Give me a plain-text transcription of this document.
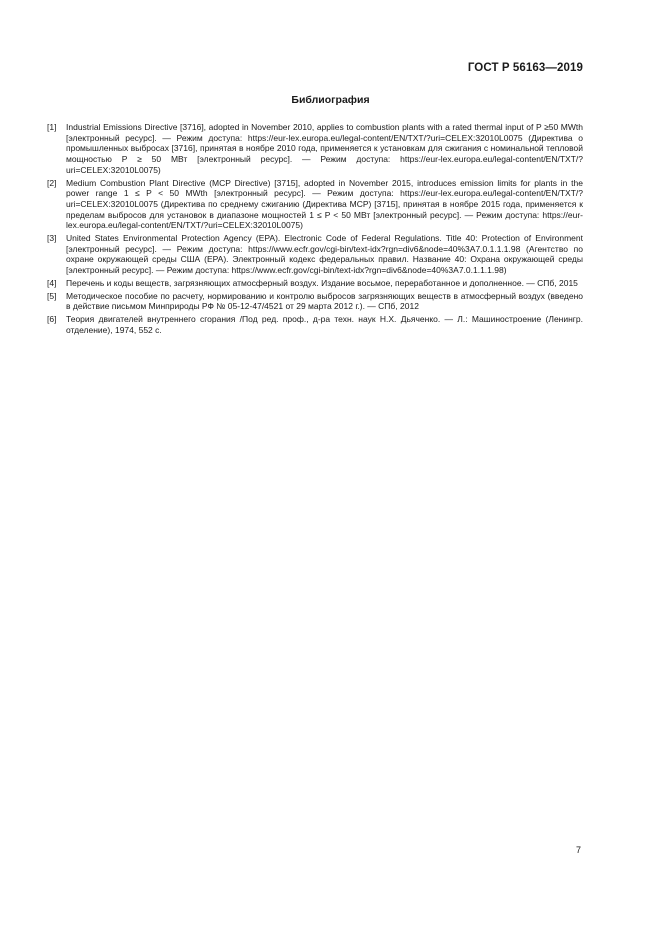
ГОСТ Р 56163—2019
Библиография
[1]	Industrial Emissions Directive [3716], adopted in November 2010, applies to combustion plants with a rated thermal input of P ≥50 MWth [электронный ресурс]. — Режим доступа: https://eur-lex.europa.eu/legal-content/EN/TXT/?uri=CELEX:32010L0075 (Директива о промышленных выбросах [3716], принятая в ноябре 2010 года, применяется к установкам для сжигания с номинальной тепловой мощностью P ≥ 50 МВт [электронный ресурс]. — Режим доступа: https://eur-lex.europa.eu/legal-content/EN/TXT/?uri=CELEX:32010L0075)
[2]	Medium Combustion Plant Directive (MCP Directive) [3715], adopted in November 2015, introduces emission limits for plants in the power range 1 ≤ P < 50 MWth [электронный ресурс]. — Режим доступа: https://eur-lex.europa.eu/legal-content/EN/TXT/?uri=CELEX:32010L0075 (Директива по среднему сжиганию (Директива MCP) [3715], принятая в ноябре 2015 года, применяется к пределам выбросов для установок в диапазоне мощностей 1 ≤ P < 50 МВт [электронный ресурс]. — Режим доступа: https://eur-lex.europa.eu/legal-content/EN/TXT/?uri=CELEX:32010L0075)
[3]	United States Environmental Protection Agency (EPA). Electronic Code of Federal Regulations. Title 40: Protection of Environment [электронный ресурс]. — Режим доступа: https://www.ecfr.gov/cgi-bin/text-idx?rgn=div6&node=40%3A7.0.1.1.1.98 (Агентство по охране окружающей среды США (EPA). Электронный кодекс федеральных правил. Название 40: Охрана окружающей среды [электронный ресурс]. — Режим доступа: https://www.ecfr.gov/cgi-bin/text-idx?rgn=div6&node=40%3A7.0.1.1.1.98)
[4]	Перечень и коды веществ, загрязняющих атмосферный воздух. Издание восьмое, переработанное и дополненное. — СПб, 2015
[5]	Методическое пособие по расчету, нормированию и контролю выбросов загрязняющих веществ в атмосферный воздух (введено в действие письмом Минприроды РФ № 05-12-47/4521 от 29 марта 2012 г.). — СПб, 2012
[6]	Теория двигателей внутреннего сгорания /Под ред. проф., д-ра техн. наук Н.Х. Дьяченко. — Л.: Машиностроение (Ленингр. отделение), 1974, 552 с.
7
